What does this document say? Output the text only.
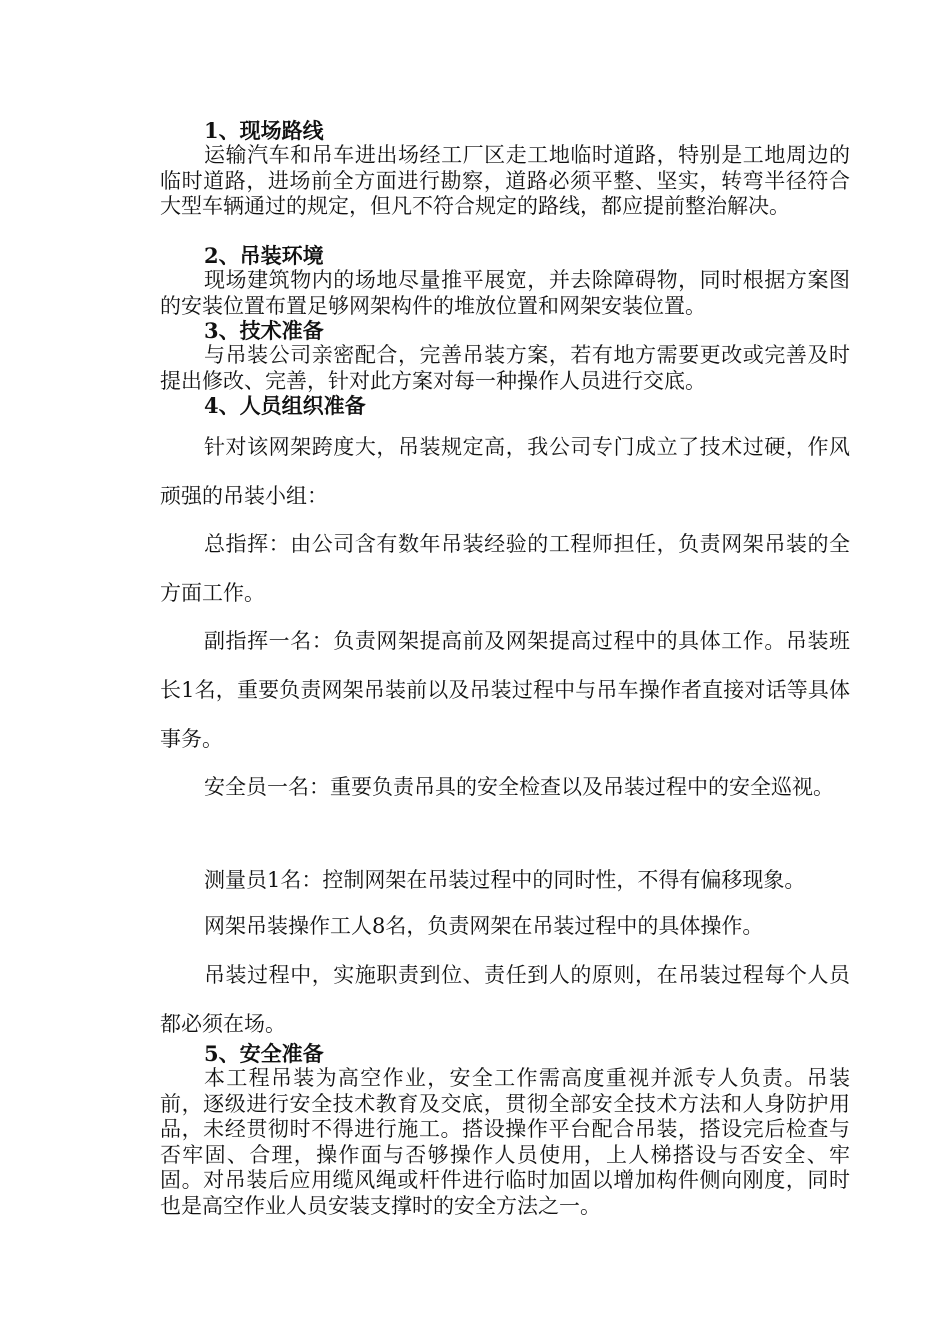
1、现场路线

运输汽车和吊车进出场经工厂区走工地临时道路，特别是工地周边的临时道路，进场前全方面进行勘察，道路必须平整、坚实，转弯半径符合大型车辆通过的规定，但凡不符合规定的路线，都应提前整治解决。

2、吊装环境

现场建筑物内的场地尽量推平展宽，并去除障碍物，同时根据方案图的安装位置布置足够网架构件的堆放位置和网架安装位置。

3、技术准备

与吊装公司亲密配合，完善吊装方案，若有地方需要更改或完善及时提出修改、完善，针对此方案对每一种操作人员进行交底。

4、人员组织准备

针对该网架跨度大，吊装规定高，我公司专门成立了技术过硬，作风顽强的吊装小组：

总指挥：由公司含有数年吊装经验的工程师担任，负责网架吊装的全方面工作。

副指挥一名：负责网架提高前及网架提高过程中的具体工作。吊装班长1名，重要负责网架吊装前以及吊装过程中与吊车操作者直接对话等具体事务。

安全员一名：重要负责吊具的安全检查以及吊装过程中的安全巡视。

测量员1名：控制网架在吊装过程中的同时性，不得有偏移现象。

网架吊装操作工人8名，负责网架在吊装过程中的具体操作。

吊装过程中，实施职责到位、责任到人的原则，在吊装过程每个人员都必须在场。

5、安全准备

本工程吊装为高空作业，安全工作需高度重视并派专人负责。吊装前，逐级进行安全技术教育及交底，贯彻全部安全技术方法和人身防护用品，未经贯彻时不得进行施工。搭设操作平台配合吊装，搭设完后检查与否牢固、合理，操作面与否够操作人员使用，上人梯搭设与否安全、牢固。对吊装后应用缆风绳或杆件进行临时加固以增加构件侧向刚度，同时也是高空作业人员安装支撑时的安全方法之一。
